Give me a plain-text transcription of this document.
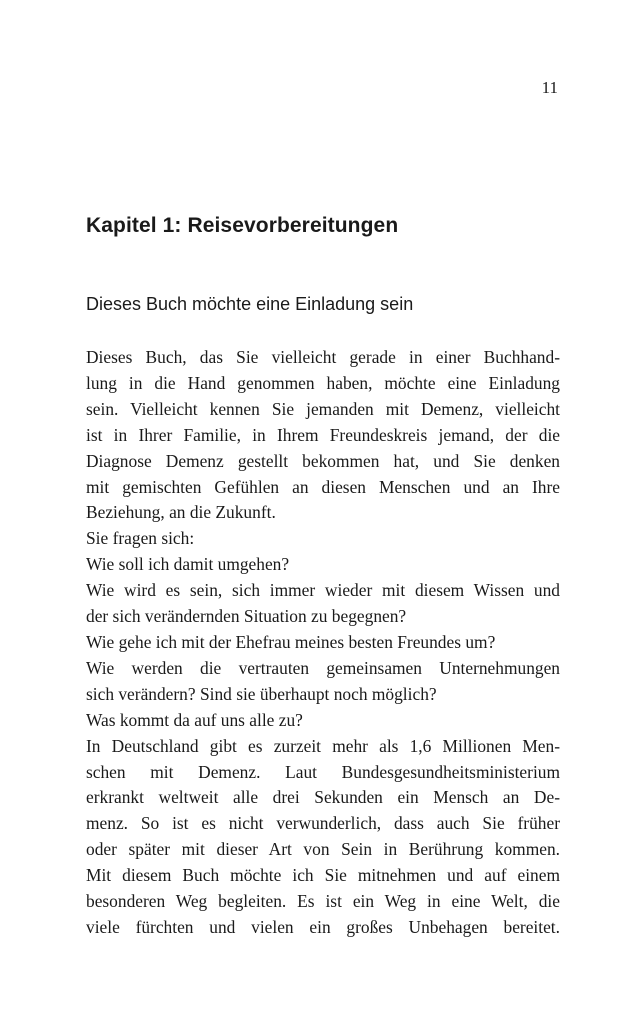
11
Kapitel 1: Reisevorbereitungen
Dieses Buch möchte eine Einladung sein
Dieses Buch, das Sie vielleicht gerade in einer Buchhand-
lung in die Hand genommen haben, möchte eine Einladung
sein. Vielleicht kennen Sie jemanden mit Demenz, vielleicht
ist in Ihrer Familie, in Ihrem Freundeskreis jemand, der die
Diagnose Demenz gestellt bekommen hat, und Sie denken
mit gemischten Gefühlen an diesen Menschen und an Ihre
Beziehung, an die Zukunft.
Sie fragen sich:
Wie soll ich damit umgehen?
Wie wird es sein, sich immer wieder mit diesem Wissen und
der sich verändernden Situation zu begegnen?
Wie gehe ich mit der Ehefrau meines besten Freundes um?
Wie werden die vertrauten gemeinsamen Unternehmungen
sich verändern? Sind sie überhaupt noch möglich?
Was kommt da auf uns alle zu?
In Deutschland gibt es zurzeit mehr als 1,6 Millionen Men-
schen mit Demenz. Laut Bundesgesundheitsministerium
erkrankt weltweit alle drei Sekunden ein Mensch an De-
menz. So ist es nicht verwunderlich, dass auch Sie früher
oder später mit dieser Art von Sein in Berührung kommen.
Mit diesem Buch möchte ich Sie mitnehmen und auf einem
besonderen Weg begleiten. Es ist ein Weg in eine Welt, die
viele fürchten und vielen ein großes Unbehagen bereitet.
